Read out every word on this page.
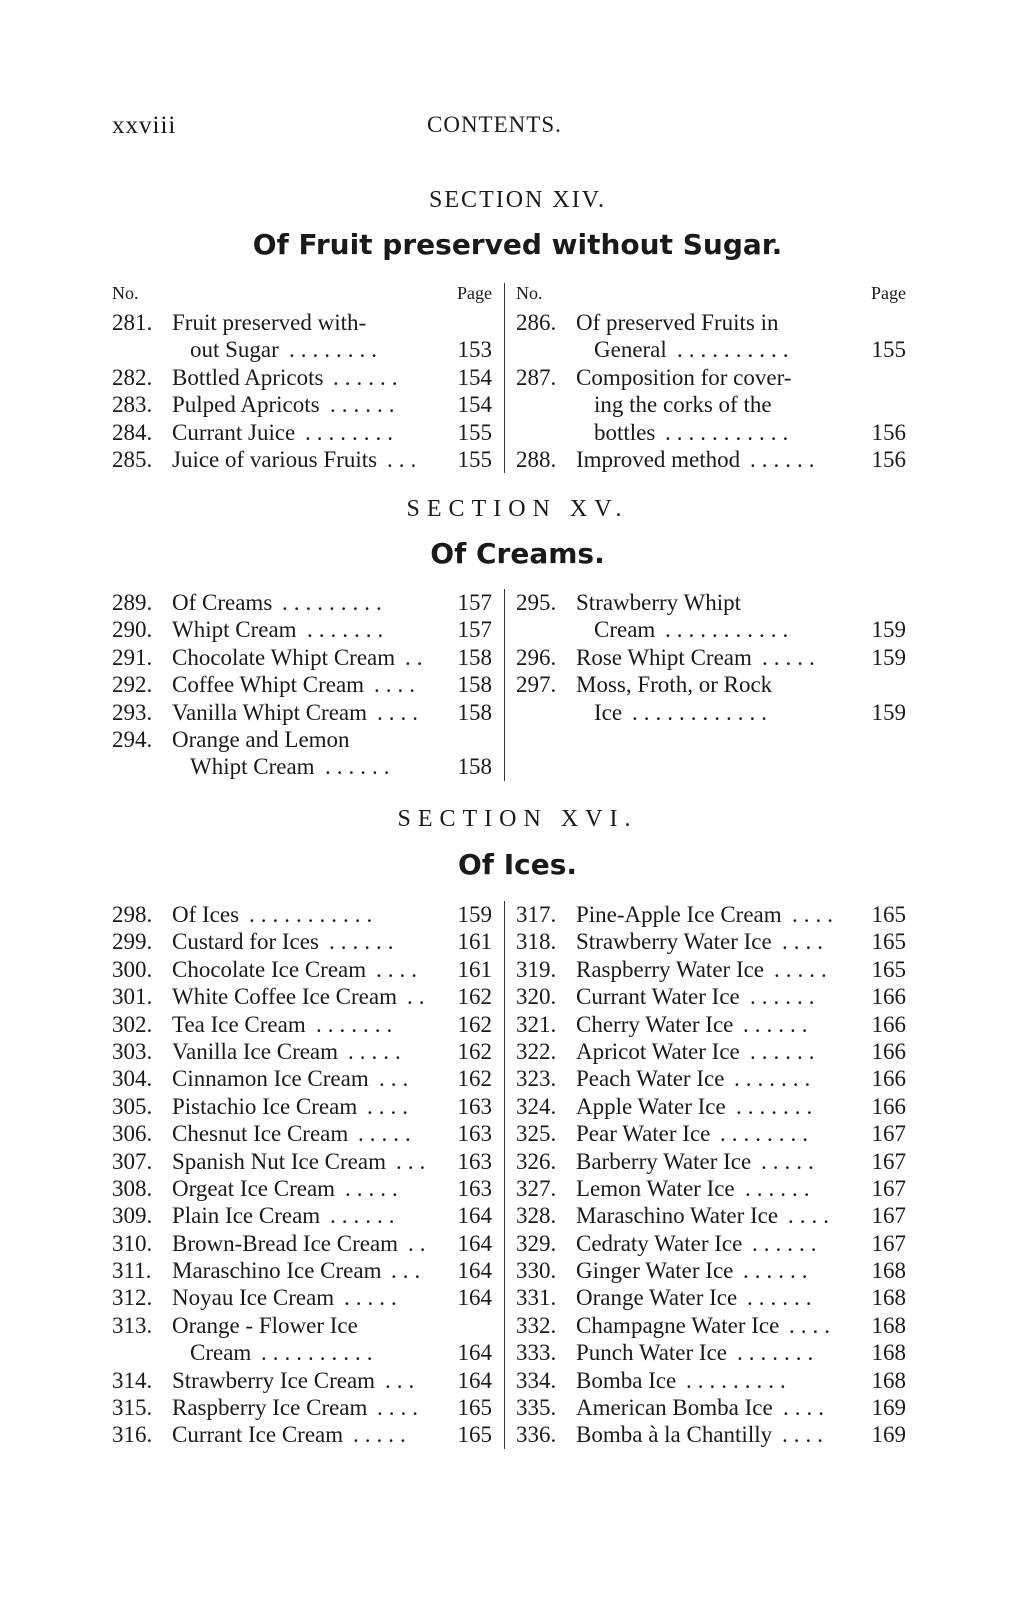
xxviii	CONTENTS.
SECTION XIV.
Of Fruit preserved without Sugar.
No.	Page
281. Fruit preserved with-
out Sugar	153
........
282. Bottled Apricots	154
......
283. Pulped Apricots	154
......
284. Currant Juice	155
........
285. Juice of various Fruits	155
...
No.	Page
286. Of preserved Fruits in
General	155
..........
287. Composition for cover-
ing the corks of the
bottles	156
...........
288. Improved method	156
......
SECTION XV.
Of Creams.
289. Of Creams	157
.........
290. Whipt Cream	157
.......
291. Chocolate Whipt Cream	158
..
292. Coffee Whipt Cream	158
....
293. Vanilla Whipt Cream	158
....
294. Orange and Lemon
Whipt Cream	158
......
295. Strawberry Whipt
Cream	159
...........
296. Rose Whipt Cream	159
.....
297. Moss, Froth, or Rock
Ice	159
............
SECTION XVI.
Of Ices.
298. Of Ices	159
...........
299. Custard for Ices	161
......
300. Chocolate Ice Cream	161
....
301. White Coffee Ice Cream	162
..
302. Tea Ice Cream	162
.......
303. Vanilla Ice Cream	162
.....
304. Cinnamon Ice Cream	162
...
305. Pistachio Ice Cream	163
....
306. Chesnut Ice Cream	163
.....
307. Spanish Nut Ice Cream	163
...
308. Orgeat Ice Cream	163
.....
309. Plain Ice Cream	164
......
310. Brown-Bread Ice Cream	164
..
311. Maraschino Ice Cream	164
...
312. Noyau Ice Cream	164
.....
313. Orange - Flower Ice
Cream	164
..........
314. Strawberry Ice Cream	164
...
315. Raspberry Ice Cream	165
....
316. Currant Ice Cream	165
.....
317. Pine-Apple Ice Cream	165
....
318. Strawberry Water Ice	165
....
319. Raspberry Water Ice	165
.....
320. Currant Water Ice	166
......
321. Cherry Water Ice	166
......
322. Apricot Water Ice	166
......
323. Peach Water Ice	166
.......
324. Apple Water Ice	166
.......
325. Pear Water Ice	167
........
326. Barberry Water Ice	167
.....
327. Lemon Water Ice	167
......
328. Maraschino Water Ice	167
....
329. Cedraty Water Ice	167
......
330. Ginger Water Ice	168
......
331. Orange Water Ice	168
......
332. Champagne Water Ice	168
....
333. Punch Water Ice	168
.......
334. Bomba Ice	168
.........
335. American Bomba Ice	169
....
336. Bomba à la Chantilly	169
....
